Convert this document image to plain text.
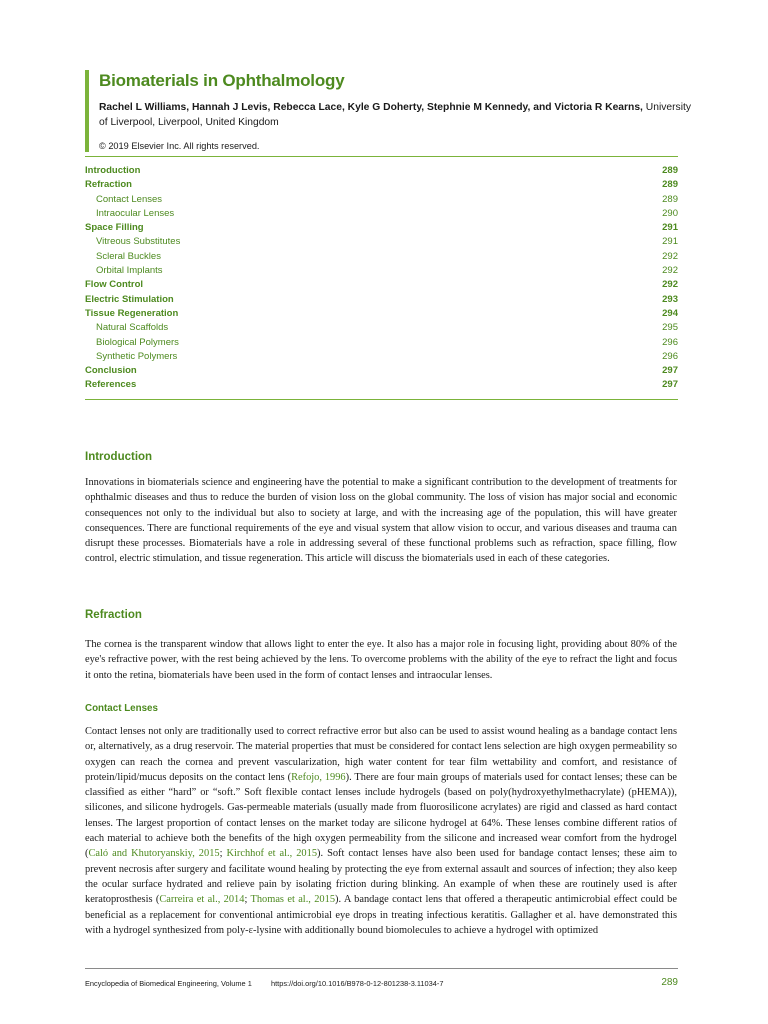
Biomaterials in Ophthalmology
Rachel L Williams, Hannah J Levis, Rebecca Lace, Kyle G Doherty, Stephnie M Kennedy, and Victoria R Kearns, University of Liverpool, Liverpool, United Kingdom
© 2019 Elsevier Inc. All rights reserved.
Introduction	289
Refraction	289
Contact Lenses	289
Intraocular Lenses	290
Space Filling	291
Vitreous Substitutes	291
Scleral Buckles	292
Orbital Implants	292
Flow Control	292
Electric Stimulation	293
Tissue Regeneration	294
Natural Scaffolds	295
Biological Polymers	296
Synthetic Polymers	296
Conclusion	297
References	297
Introduction

Innovations in biomaterials science and engineering have the potential to make a significant contribution to the development of treatments for ophthalmic diseases and thus to reduce the burden of vision loss on the global community. The loss of vision has major social and economic consequences not only to the individual but also to society at large, and with the increasing age of the population, this will have greater consequences. There are functional requirements of the eye and visual system that allow vision to occur, and various diseases and trauma can disrupt these processes. Biomaterials have a role in addressing several of these functional problems such as refraction, space filling, flow control, electric stimulation, and tissue regeneration. This article will discuss the biomaterials used in each of these categories.

Refraction

The cornea is the transparent window that allows light to enter the eye. It also has a major role in focusing light, providing about 80% of the eye's refractive power, with the rest being achieved by the lens. To overcome problems with the ability of the eye to refract the light and focus it onto the retina, biomaterials have been used in the form of contact lenses and intraocular lenses.

Contact Lenses

Contact lenses not only are traditionally used to correct refractive error but also can be used to assist wound healing as a bandage contact lens or, alternatively, as a drug reservoir. The material properties that must be considered for contact lens selection are high oxygen permeability so oxygen can reach the cornea and prevent vascularization, high water content for tear film wettability and comfort, and resistance of protein/lipid/mucus deposits on the contact lens (Refojo, 1996). There are four main groups of materials used for contact lenses; these can be classified as either “hard” or “soft.” Soft flexible contact lenses include hydrogels (based on poly(hydroxyethylmethacrylate) (pHEMA)), silicones, and silicone hydrogels. Gas-permeable materials (usually made from fluorosilicone acrylates) are rigid and classed as hard contact lenses. The largest proportion of contact lenses on the market today are silicone hydrogel at 64%. These lenses combine different ratios of each material to achieve both the benefits of the high oxygen permeability from the silicone and increased wear comfort from the hydrogel (Caló and Khutoryanskiy, 2015; Kirchhof et al., 2015). Soft contact lenses have also been used for bandage contact lenses; these aim to prevent necrosis after surgery and facilitate wound healing by protecting the eye from external assault and sources of infection; they also keep the ocular surface hydrated and relieve pain by isolating friction during blinking. An example of when these are routinely used is after keratoprosthesis (Carreira et al., 2014; Thomas et al., 2015). A bandage contact lens that offered a therapeutic antimicrobial effect could be beneficial as a replacement for conventional antimicrobial eye drops in treating infectious keratitis. Gallagher et al. have demonstrated this with a hydrogel synthesized from poly-ε-lysine with additionally bound biomolecules to achieve a hydrogel with optimized

Encyclopedia of Biomedical Engineering, Volume 1	https://doi.org/10.1016/B978-0-12-801238-3.11034-7	289
